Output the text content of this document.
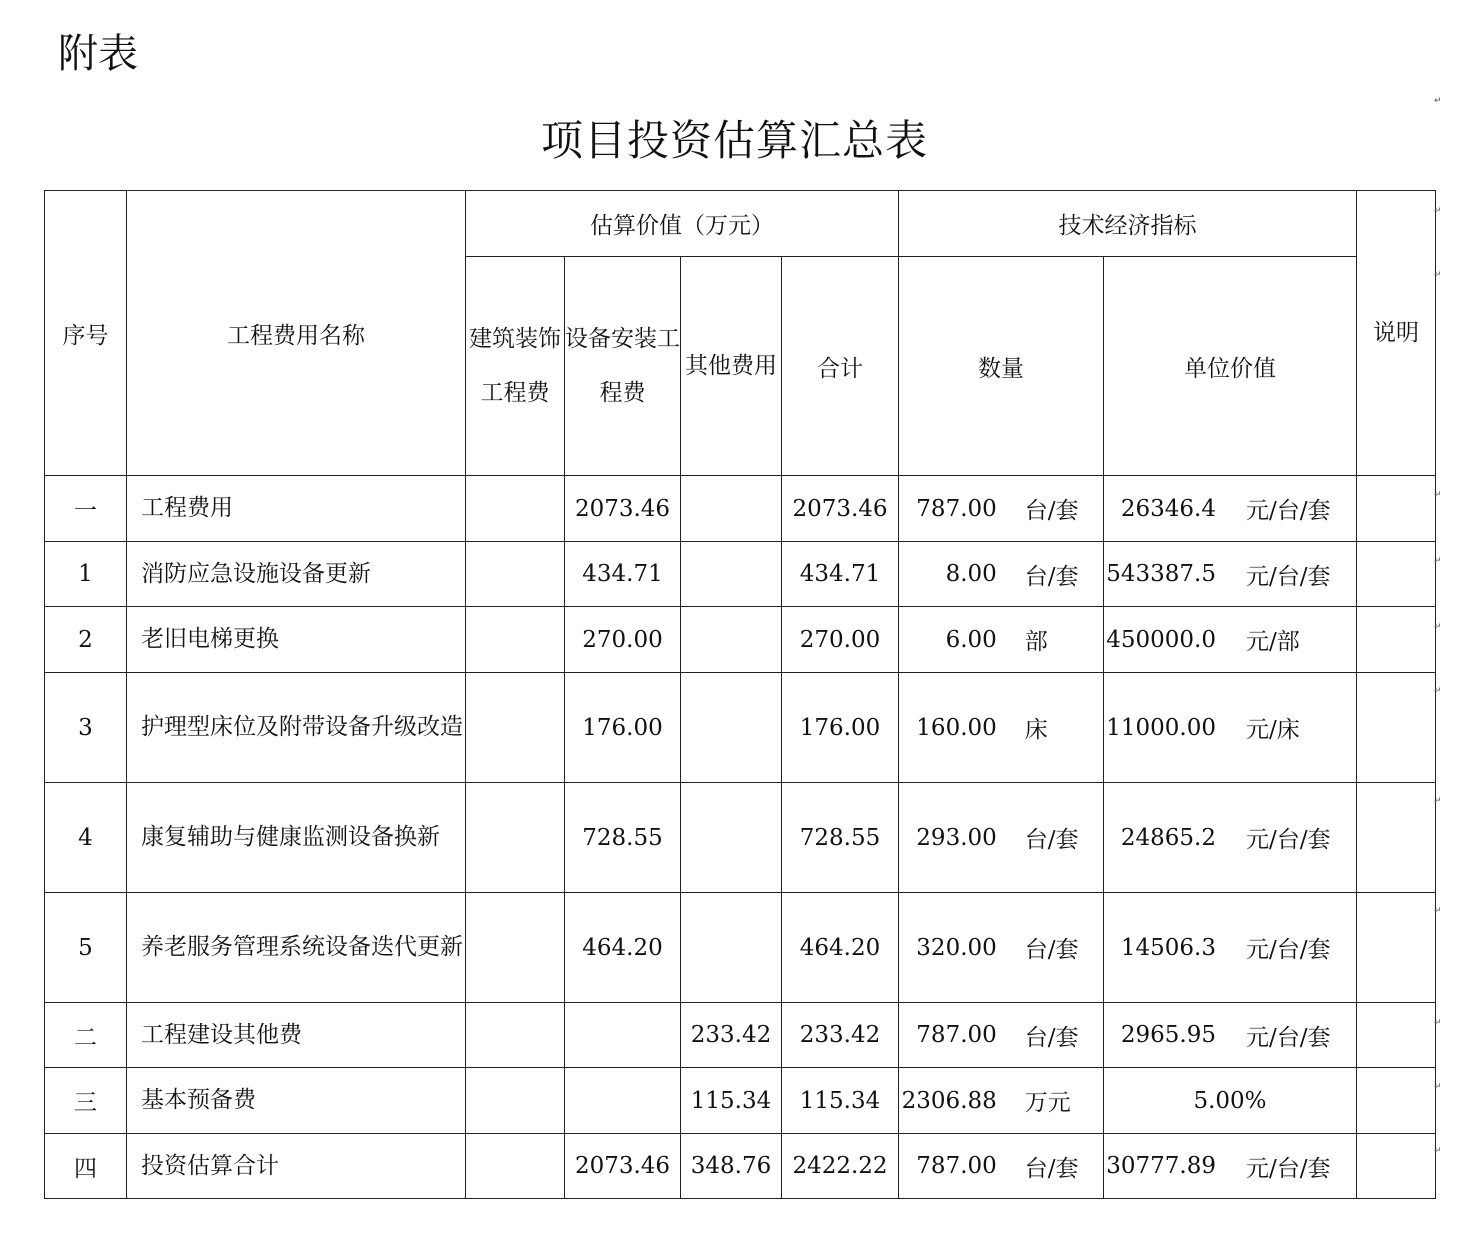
附表
项目投资估算汇总表
序号	工程费用名称	估算价值（万元）				技术经济指标		说明
		建筑装饰工程费	设备安装工程费	其他费用	合计	数量	单位价值	
一	工程费用		2073.46		2073.46	787.00 台/套	26346.4 元/台/套	

1	消防应急设施设备更新		434.71		434.71	8.00 台/套	543387.5 元/台/套	

2	老旧电梯更换		270.00		270.00	6.00 部	450000.0 元/部	

3	护理型床位及附带设备升级改造		176.00		176.00	160.00 床	11000.00 元/床	

4	康复辅助与健康监测设备换新		728.55		728.55	293.00 台/套	24865.2 元/台/套	

5	养老服务管理系统设备迭代更新		464.20		464.20	320.00 台/套	14506.3 元/台/套	

二	工程建设其他费			233.42	233.42	787.00 台/套	2965.95 元/台/套	

三	基本预备费			115.34	115.34	2306.88 万元	5.00%	

四	投资估算合计		2073.46	348.76	2422.22	787.00 台/套	30777.89 元/台/套	

↵
↵
↵
↵
↵
↵
↵
↵
↵
↵
↵
↵
